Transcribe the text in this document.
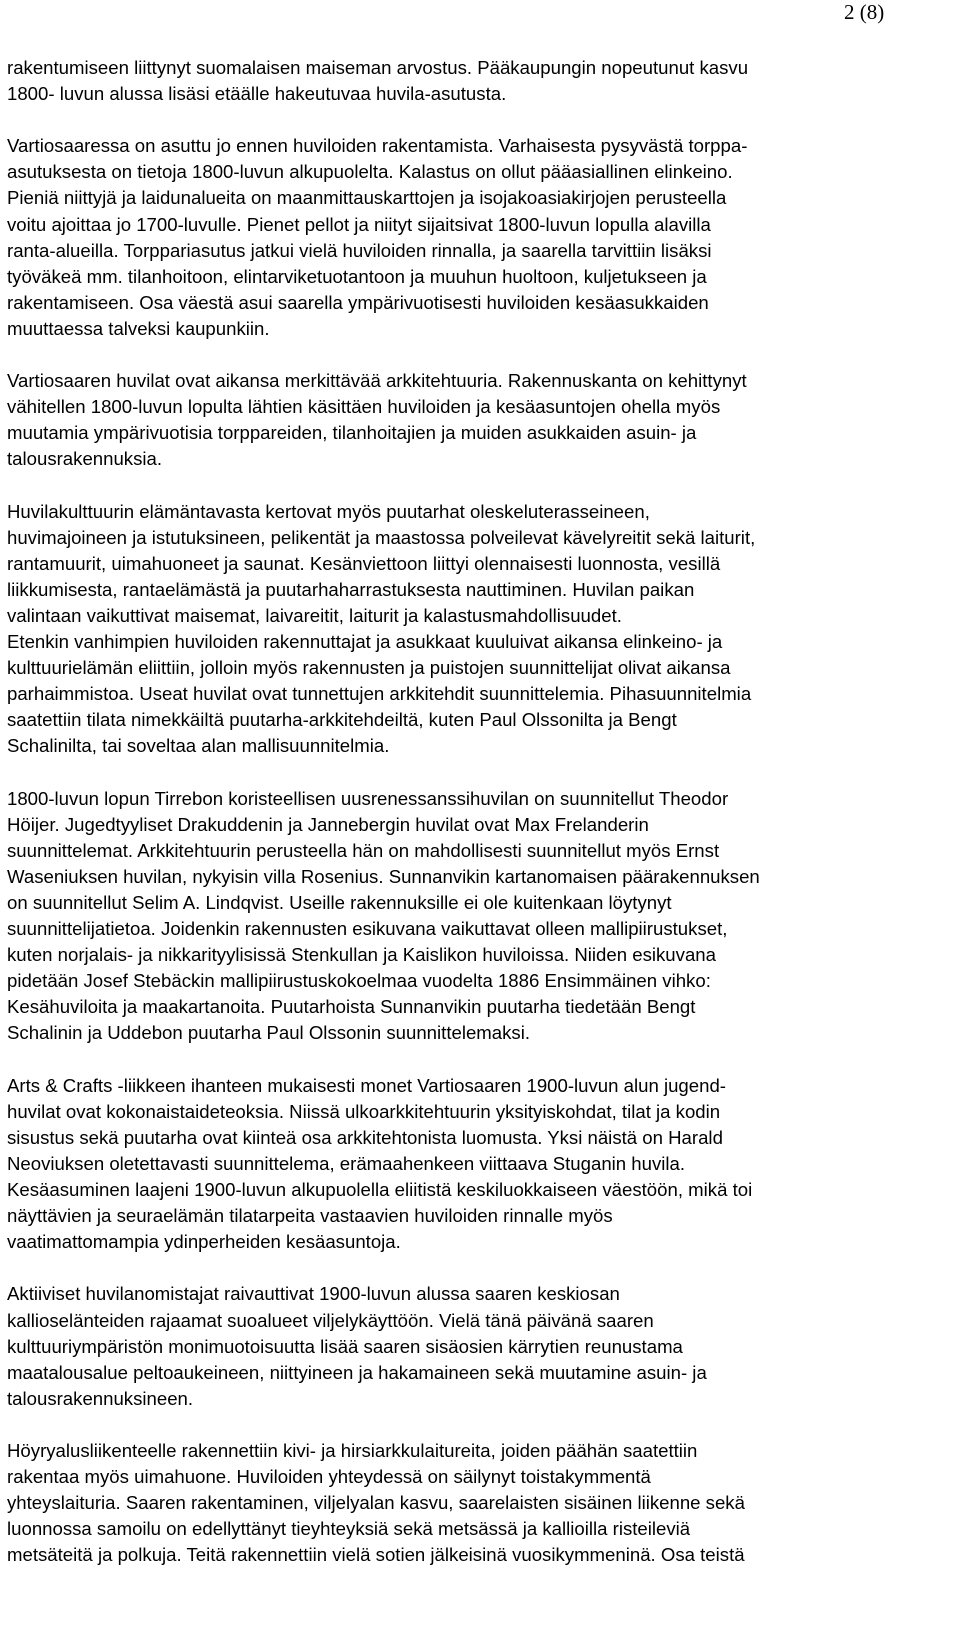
2 (8)

rakentumiseen liittynyt suomalaisen maiseman arvostus. Pääkaupungin nopeutunut kasvu
1800- luvun alussa lisäsi etäälle hakeutuvaa huvila-asutusta.

Vartiosaaressa on asuttu jo ennen huviloiden rakentamista. Varhaisesta pysyvästä torppa-
asutuksesta on tietoja 1800-luvun alkupuolelta. Kalastus on ollut pääasiallinen elinkeino.
Pieniä niittyjä ja laidunalueita on maanmittauskarttojen ja isojakoasiakirjojen perusteella
voitu ajoittaa jo 1700-luvulle. Pienet pellot ja niityt sijaitsivat 1800-luvun lopulla alavilla
ranta-alueilla. Torppariasutus jatkui vielä huviloiden rinnalla, ja saarella tarvittiin lisäksi
työväkeä mm. tilanhoitoon, elintarviketuotantoon ja muuhun huoltoon, kuljetukseen ja
rakentamiseen. Osa väestä asui saarella ympärivuotisesti huviloiden kesäasukkaiden
muuttaessa talveksi kaupunkiin.

Vartiosaaren huvilat ovat aikansa merkittävää arkkitehtuuria. Rakennuskanta on kehittynyt
vähitellen 1800-luvun lopulta lähtien käsittäen huviloiden ja kesäasuntojen ohella myös
muutamia ympärivuotisia torppareiden, tilanhoitajien ja muiden asukkaiden asuin- ja
talousrakennuksia.

Huvilakulttuurin elämäntavasta kertovat myös puutarhat oleskeluterasseineen,
huvimajoineen ja istutuksineen, pelikentät ja maastossa polveilevat kävelyreitit sekä laiturit,
rantamuurit, uimahuoneet ja saunat. Kesänviettoon liittyi olennaisesti luonnosta, vesillä
liikkumisesta, rantaelämästä ja puutarhaharrastuksesta nauttiminen. Huvilan paikan
valintaan vaikuttivat maisemat, laivareitit, laiturit ja kalastusmahdollisuudet.

Etenkin vanhimpien huviloiden rakennuttajat ja asukkaat kuuluivat aikansa elinkeino- ja
kulttuurielämän eliittiin, jolloin myös rakennusten ja puistojen suunnittelijat olivat aikansa
parhaimmistoa. Useat huvilat ovat tunnettujen arkkitehdit suunnittelemia. Pihasuunnitelmia
saatettiin tilata nimekkäiltä puutarha-arkkitehdeiltä, kuten Paul Olssonilta ja Bengt
Schalinilta, tai soveltaa alan mallisuunnitelmia.

1800-luvun lopun Tirrebon koristeellisen uusrenessanssihuvilan on suunnitellut Theodor
Höijer. Jugedtyyliset Drakuddenin ja Jannebergin huvilat ovat Max Frelanderin
suunnittelemat. Arkkitehtuurin perusteella hän on mahdollisesti suunnitellut myös Ernst
Waseniuksen huvilan, nykyisin villa Rosenius. Sunnanvikin kartanomaisen päärakennuksen
on suunnitellut Selim A. Lindqvist. Useille rakennuksille ei ole kuitenkaan löytynyt
suunnittelijatietoa. Joidenkin rakennusten esikuvana vaikuttavat olleen mallipiirustukset,
kuten norjalais- ja nikkarityylisissä Stenkullan ja Kaislikon huviloissa. Niiden esikuvana
pidetään Josef Stebäckin mallipiirustuskokoelmaa vuodelta 1886 Ensimmäinen vihko:
Kesähuviloita ja maakartanoita. Puutarhoista Sunnanvikin puutarha tiedetään Bengt
Schalinin ja Uddebon puutarha Paul Olssonin suunnittelemaksi.

Arts & Crafts -liikkeen ihanteen mukaisesti monet Vartiosaaren 1900-luvun alun jugend-
huvilat ovat kokonaistaideteoksia. Niissä ulkoarkkitehtuurin yksityiskohdat, tilat ja kodin
sisustus sekä puutarha ovat kiinteä osa arkkitehtonista luomusta. Yksi näistä on Harald
Neoviuksen oletettavasti suunnittelema, erämaahenkeen viittaava Stuganin huvila.
Kesäasuminen laajeni 1900-luvun alkupuolella eliitistä keskiluokkaiseen väestöön, mikä toi
näyttävien ja seuraelämän tilatarpeita vastaavien huviloiden rinnalle myös
vaatimattomampia ydinperheiden kesäasuntoja.

Aktiiviset huvilanomistajat raivauttivat 1900-luvun alussa saaren keskiosan
kallioselänteiden rajaamat suoalueet viljelykäyttöön. Vielä tänä päivänä saaren
kulttuuriympäristön monimuotoisuutta lisää saaren sisäosien kärrytien reunustama
maatalousalue peltoaukeineen, niittyineen ja hakamaineen sekä muutamine asuin- ja
talousrakennuksineen.

Höyryalusliikenteelle rakennettiin kivi- ja hirsiarkkulaitureita, joiden päähän saatettiin
rakentaa myös uimahuone. Huviloiden yhteydessä on säilynyt toistakymmentä
yhteyslaituria. Saaren rakentaminen, viljelyalan kasvu, saarelaisten sisäinen liikenne sekä
luonnossa samoilu on edellyttänyt tieyhteyksiä sekä metsässä ja kallioilla risteileviä
metsäteitä ja polkuja. Teitä rakennettiin vielä sotien jälkeisinä vuosikymmeninä. Osa teistä
